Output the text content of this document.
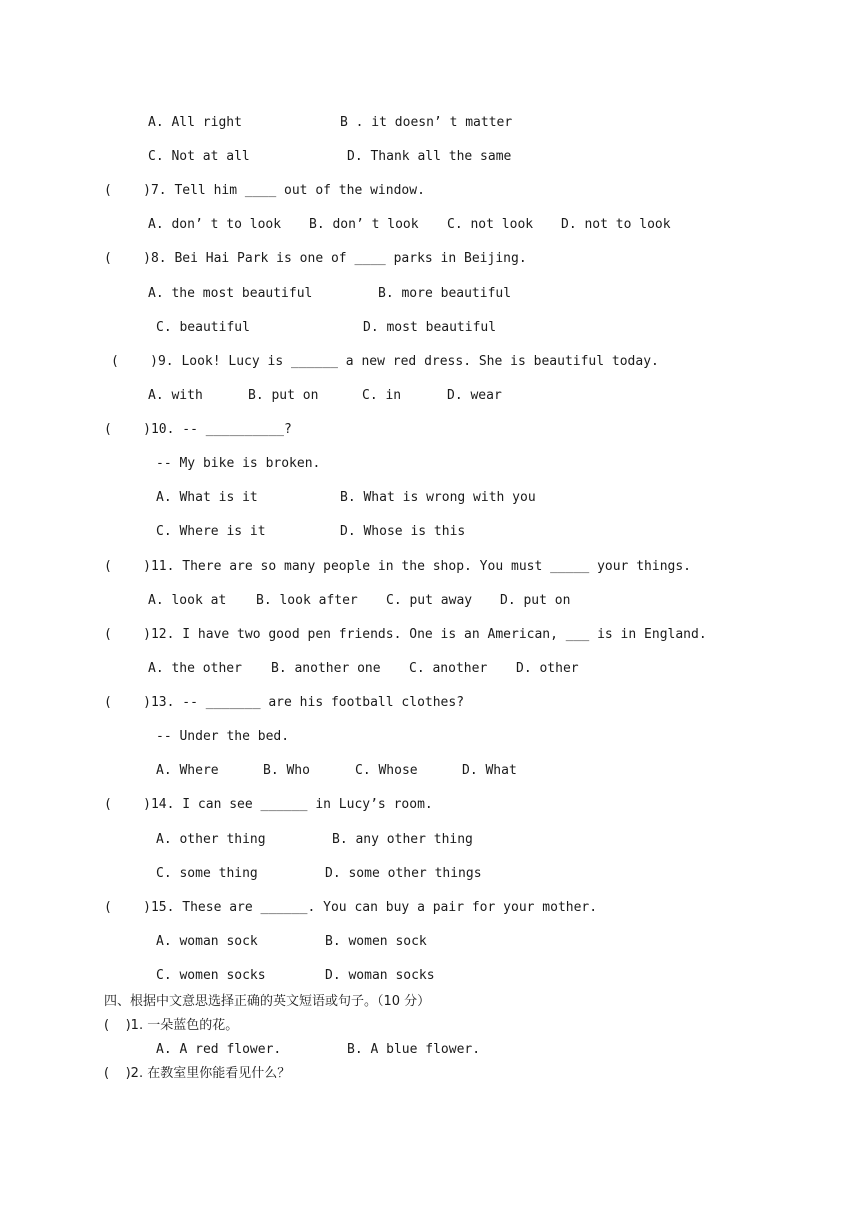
A. All right	B . it doesn’ t matter
C. Not at all	D. Thank all the same
(    )7. Tell him ____ out of the window.
A. don’ t to look B. don’ t look C. not look D. not to look
(    )8. Bei Hai Park is one of ____ parks in Beijing.
A. the most beautiful	B. more beautiful
C. beautiful	D. most beautiful
(    )9. Look! Lucy is ______ a new red dress. She is beautiful today.
A. with	B. put on	C. in	D. wear
(    )10. -- __________?
-- My bike is broken.
A. What is it	B. What is wrong with you
C. Where is it	D. Whose is this
(    )11. There are so many people in the shop. You must _____ your things.
A. look at B. look after C. put away D. put on
(    )12. I have two good pen friends. One is an American, ___ is in England.
A. the other B. another one C. another D. other
(    )13. -- _______ are his football clothes?
-- Under the bed.
A. Where	B. Who	C. Whose	D. What
(    )14. I can see ______ in Lucy’s room.
A. other thing	B. any other thing
C. some thing	D. some other things
(    )15. These are ______. You can buy a pair for your mother.
A. woman sock	B. women sock
C. women socks	D. woman socks
四、根据中文意思选择正确的英文短语或句子。（10 分）
(    )1. 一朵蓝色的花。
A. A red flower.	B. A blue flower.
(    )2. 在教室里你能看见什么？
